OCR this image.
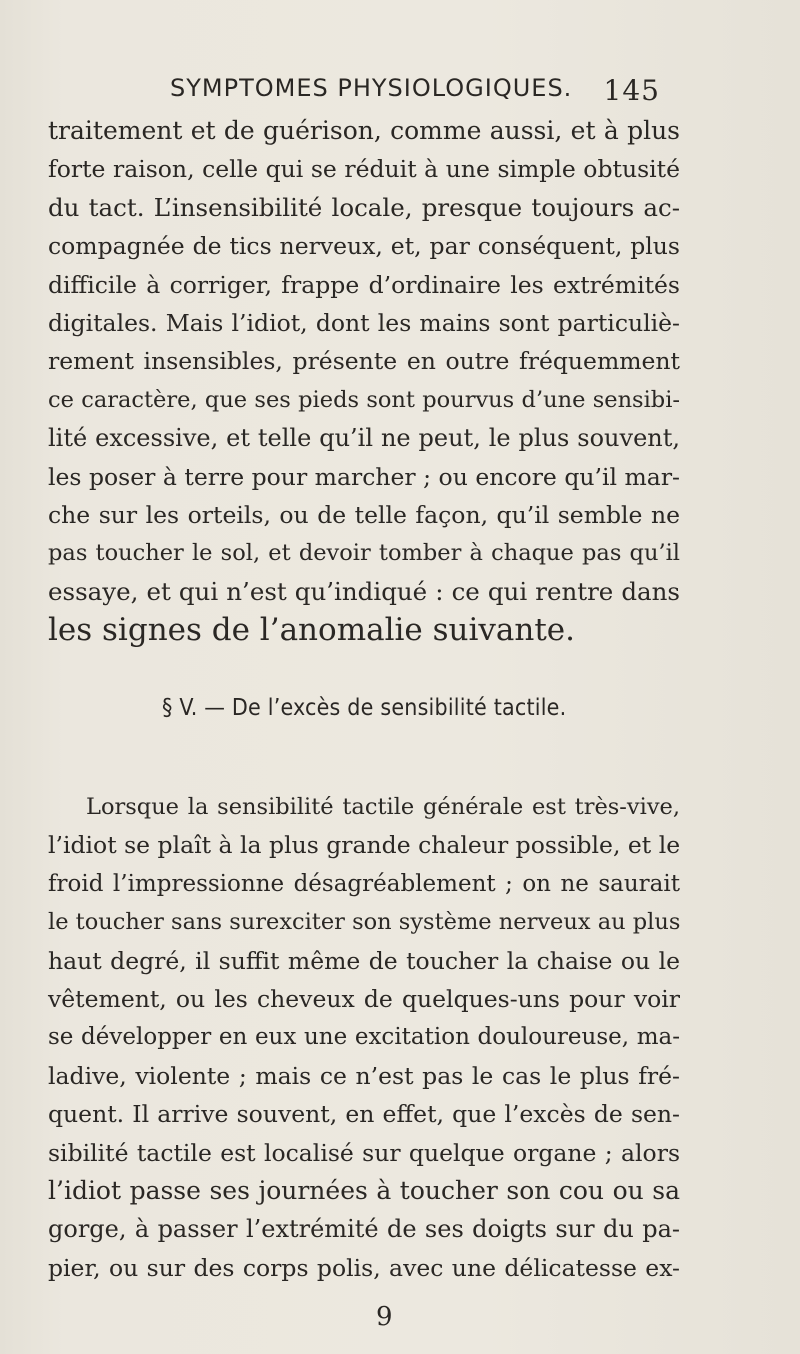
SYMPTOMES PHYSIOLOGIQUES. 145
traitement et de guérison, comme aussi, et à plus
forte raison, celle qui se réduit à une simple obtusité
du tact. L’insensibilité locale, presque toujours ac-
compagnée de tics nerveux, et, par conséquent, plus
difficile à corriger, frappe d’ordinaire les extrémités
digitales. Mais l’idiot, dont les mains sont particuliè-
rement insensibles, présente en outre fréquemment
ce caractère, que ses pieds sont pourvus d’une sensibi-
lité excessive, et telle qu’il ne peut, le plus souvent,
les poser à terre pour marcher ; ou encore qu’il mar-
che sur les orteils, ou de telle façon, qu’il semble ne
pas toucher le sol, et devoir tomber à chaque pas qu’il
essaye, et qui n’est qu’indiqué : ce qui rentre dans
les signes de l’anomalie suivante.
§ V. — De l’excès de sensibilité tactile.
Lorsque la sensibilité tactile générale est très-vive,
l’idiot se plaît à la plus grande chaleur possible, et le
froid l’impressionne désagréablement ; on ne saurait
le toucher sans surexciter son système nerveux au plus
haut degré, il suffit même de toucher la chaise ou le
vêtement, ou les cheveux de quelques-uns pour voir
se développer en eux une excitation douloureuse, ma-
ladive, violente ; mais ce n’est pas le cas le plus fré-
quent. Il arrive souvent, en effet, que l’excès de sen-
sibilité tactile est localisé sur quelque organe ; alors
l’idiot passe ses journées à toucher son cou ou sa
gorge, à passer l’extrémité de ses doigts sur du pa-
pier, ou sur des corps polis, avec une délicatesse ex-
9
